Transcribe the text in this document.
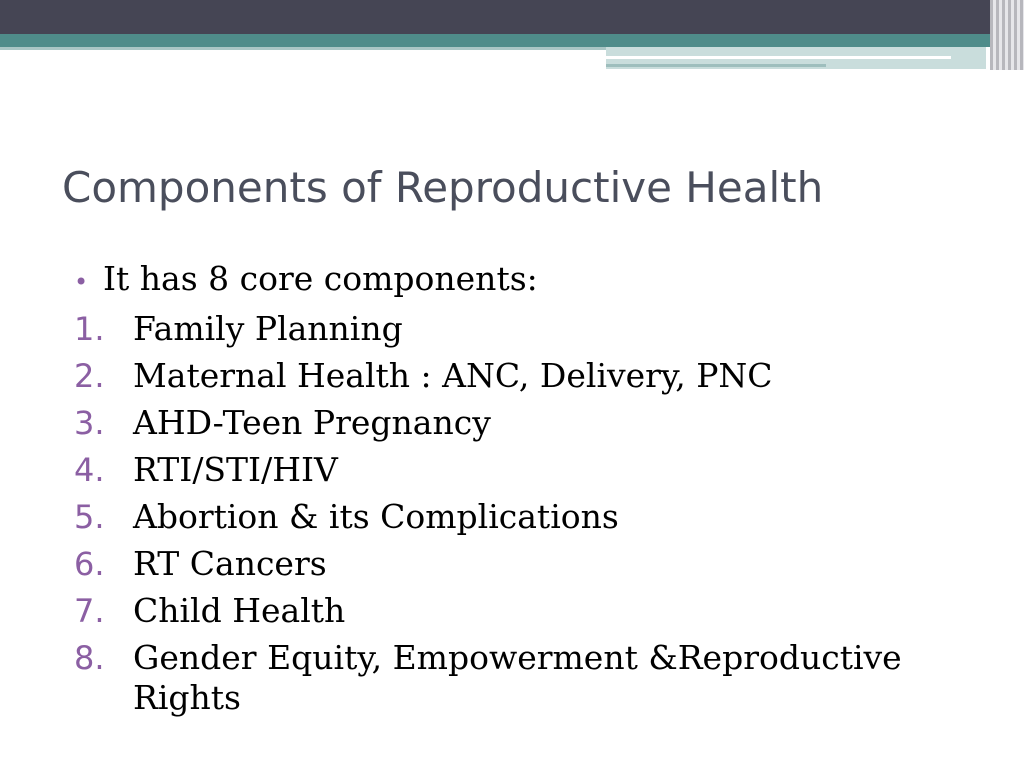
Components of Reproductive Health
• It has 8 core components:
1. Family Planning
2. Maternal Health : ANC, Delivery, PNC
3. AHD-Teen Pregnancy
4. RTI/STI/HIV
5. Abortion & its Complications
6. RT Cancers
7. Child Health
8. Gender Equity, Empowerment &Reproductive Rights
